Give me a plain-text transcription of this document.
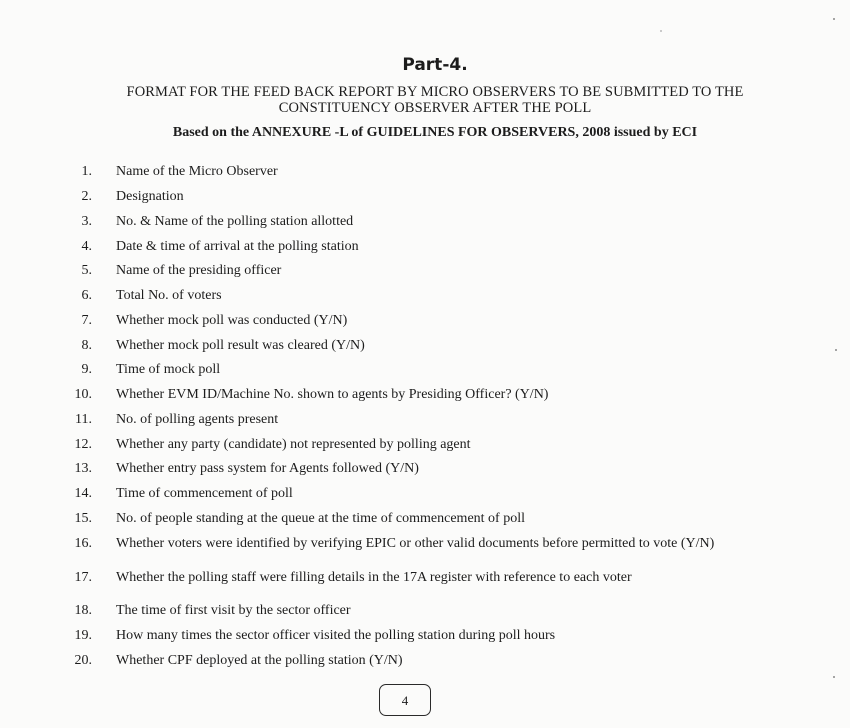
Part-4.
FORMAT FOR THE FEED BACK REPORT BY MICRO OBSERVERS TO BE SUBMITTED TO THE
CONSTITUENCY OBSERVER AFTER THE POLL
Based on the ANNEXURE -L of GUIDELINES FOR OBSERVERS, 2008 issued by ECI
1. Name of the Micro Observer
2. Designation
3. No. & Name of the polling station allotted
4. Date & time of arrival at the polling station
5. Name of the presiding officer
6. Total No. of voters
7. Whether mock poll was conducted (Y/N)
8. Whether mock poll result was cleared (Y/N)
9. Time of mock poll
10. Whether EVM ID/Machine No. shown to agents by Presiding Officer? (Y/N)
11. No. of polling agents present
12. Whether any party (candidate) not represented by polling agent
13. Whether entry pass system for Agents followed (Y/N)
14. Time of commencement of poll
15. No. of people standing at the queue at the time of commencement of poll
16. Whether voters were identified by verifying EPIC or other valid documents before permitted to vote (Y/N)
17. Whether the polling staff were filling details in the 17A register with reference to each voter
18. The time of first visit by the sector officer
19. How many times the sector officer visited the polling station during poll hours
20. Whether CPF deployed at the polling station (Y/N)
4
